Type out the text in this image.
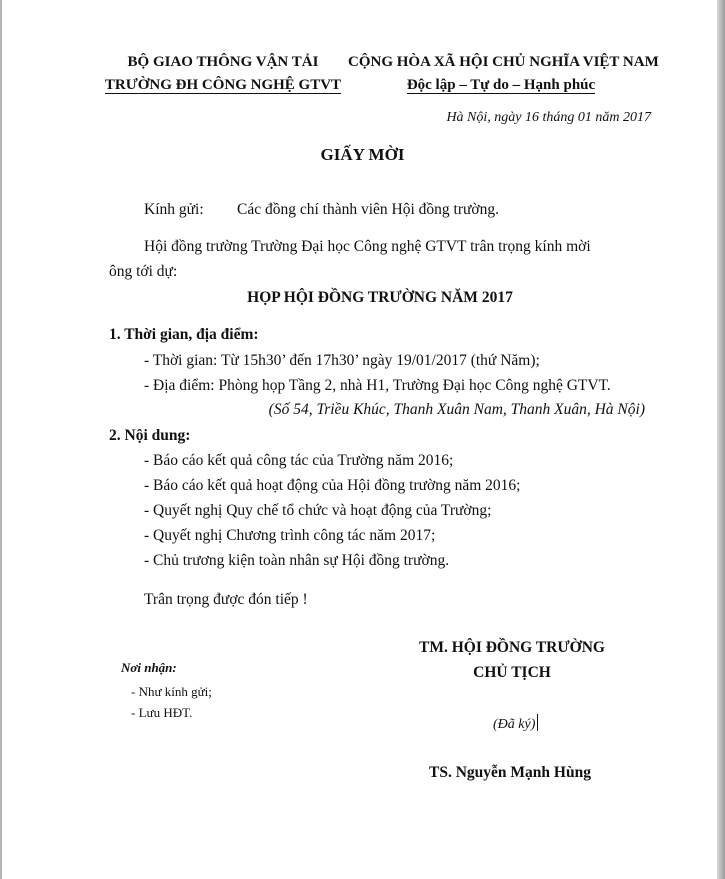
BỘ GIAO THÔNG VẬN TẢI
TRƯỜNG ĐH CÔNG NGHỆ GTVT
CỘNG HÒA XÃ HỘI CHỦ NGHĨA VIỆT NAM
Độc lập – Tự do – Hạnh phúc
Hà Nội, ngày 16 tháng 01 năm 2017
GIẤY MỜI
Kính gửi: Các đồng chí thành viên Hội đồng trường.
Hội đồng trường Trường Đại học Công nghệ GTVT trân trọng kính mời
ông tới dự:
HỌP HỘI ĐỒNG TRƯỜNG NĂM 2017
1. Thời gian, địa điểm:
- Thời gian: Từ 15h30’ đến 17h30’ ngày 19/01/2017 (thứ Năm);
- Địa điểm: Phòng họp Tầng 2, nhà H1, Trường Đại học Công nghệ GTVT.
(Số 54, Triều Khúc, Thanh Xuân Nam, Thanh Xuân, Hà Nội)
2. Nội dung:
- Báo cáo kết quả công tác của Trường năm 2016;
- Báo cáo kết quả hoạt động của Hội đồng trường năm 2016;
- Quyết nghị Quy chế tổ chức và hoạt động của Trường;
- Quyết nghị Chương trình công tác năm 2017;
- Chủ trương kiện toàn nhân sự Hội đồng trường.
Trân trọng được đón tiếp !
TM. HỘI ĐỒNG TRƯỜNG
CHỦ TỊCH
(Đã ký)
TS. Nguyễn Mạnh Hùng
Nơi nhận:
- Như kính gửi;
- Lưu HĐT.
